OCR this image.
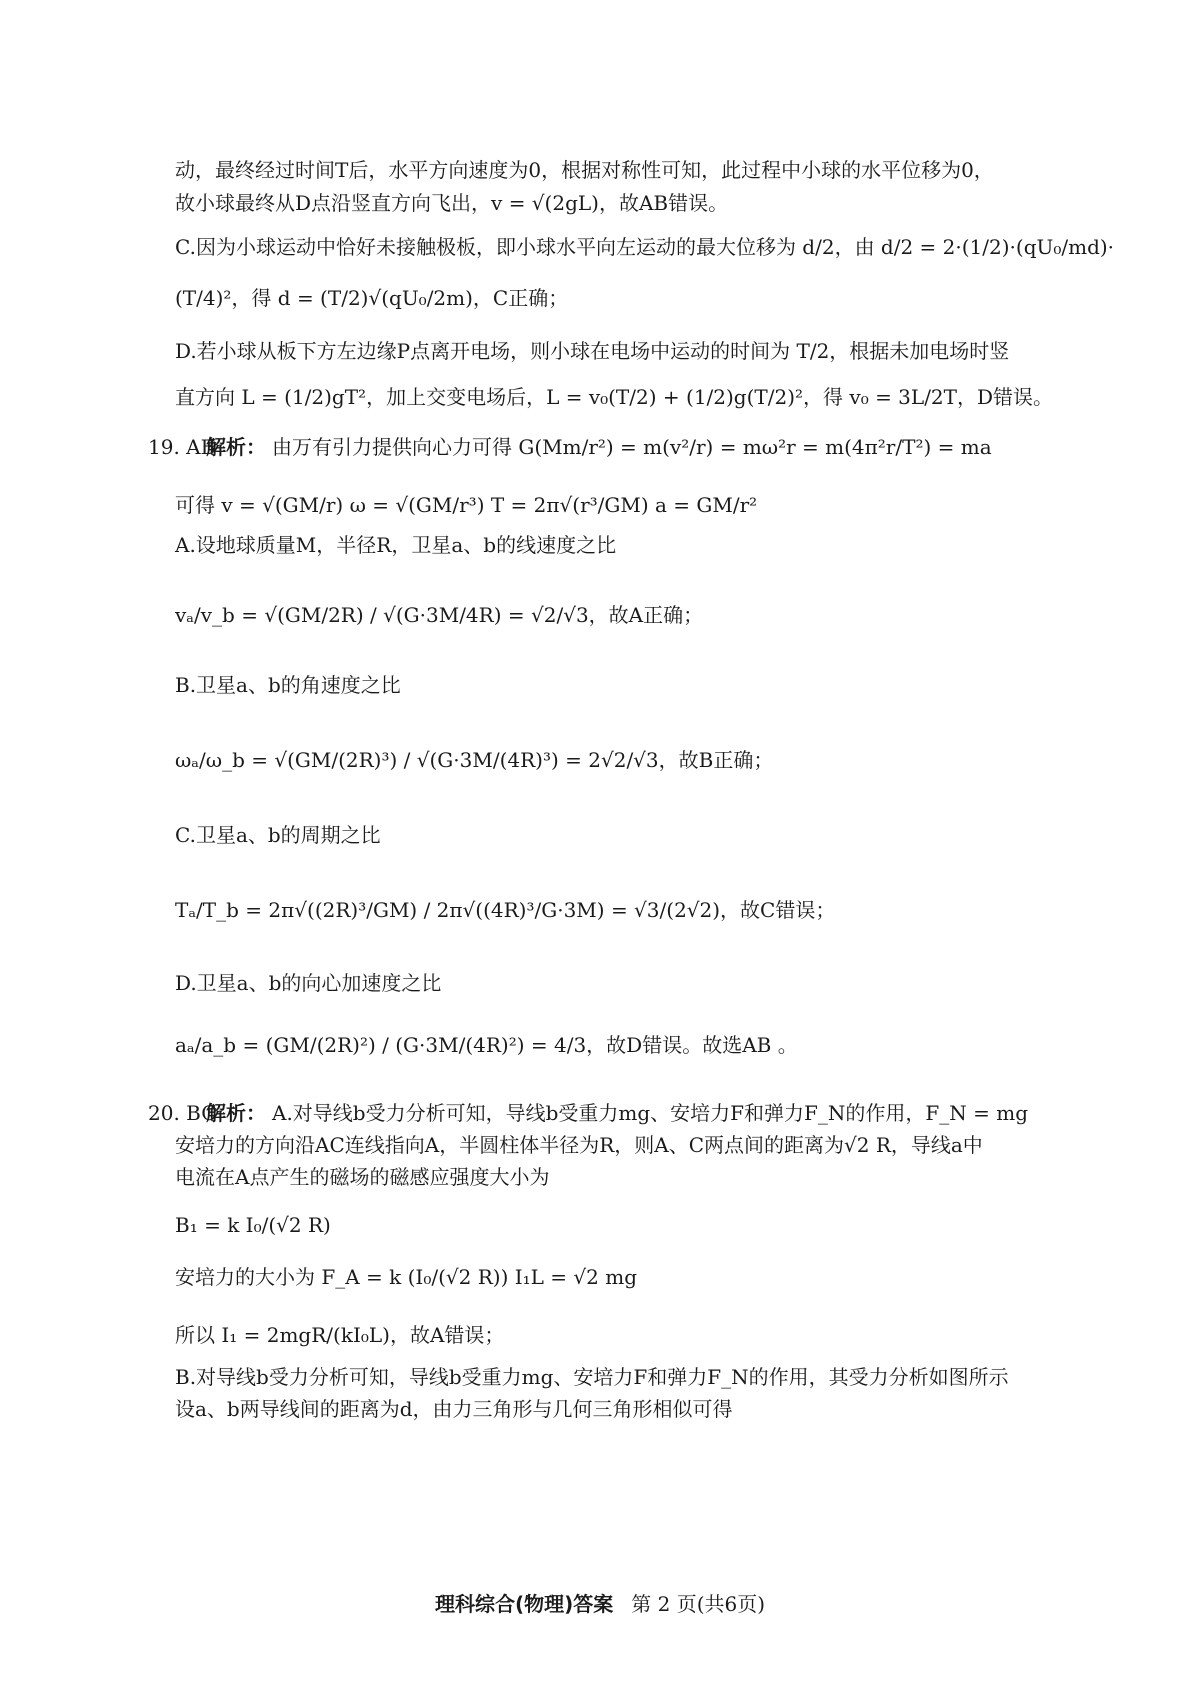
动，最终经过时间T后，水平方向速度为0，根据对称性可知，此过程中小球的水平位移为0，
故小球最终从D点沿竖直方向飞出，v = √(2gL)，故AB错误。
C.因为小球运动中恰好未接触极板，即小球水平向左运动的最大位移为 d/2，由 d/2 = 2·(1/2)·(qU₀/md)·
(T/4)²，得 d = (T/2)√(qU₀/2m)，C正确；
D.若小球从板下方左边缘P点离开电场，则小球在电场中运动的时间为 T/2，根据未加电场时竖
直方向 L = (1/2)gT²，加上交变电场后，L = v₀(T/2) + (1/2)g(T/2)²，得 v₀ = 3L/2T，D错误。
19. AB解析： 由万有引力提供向心力可得 G(Mm/r²) = m(v²/r) = mω²r = m(4π²r/T²) = ma
可得 v = √(GM/r) ω = √(GM/r³) T = 2π√(r³/GM) a = GM/r²
A.设地球质量M，半径R，卫星a、b的线速度之比
vₐ/v_b = √(GM/2R) / √(G·3M/4R) = √2/√3，故A正确；
B.卫星a、b的角速度之比
ωₐ/ω_b = √(GM/(2R)³) / √(G·3M/(4R)³) = 2√2/√3，故B正确；
C.卫星a、b的周期之比
Tₐ/T_b = 2π√((2R)³/GM) / 2π√((4R)³/G·3M) = √3/(2√2)，故C错误；
D.卫星a、b的向心加速度之比
aₐ/a_b = (GM/(2R)²) / (G·3M/(4R)²) = 4/3，故D错误。故选AB 。
20. BC解析： A.对导线b受力分析可知，导线b受重力mg、安培力F和弹力F_N的作用，F_N = mg
安培力的方向沿AC连线指向A，半圆柱体半径为R，则A、C两点间的距离为√2 R，导线a中
电流在A点产生的磁场的磁感应强度大小为
B₁ = k I₀/(√2 R)
安培力的大小为 F_A = k (I₀/(√2 R)) I₁L = √2 mg
所以 I₁ = 2mgR/(kI₀L)，故A错误；
B.对导线b受力分析可知，导线b受重力mg、安培力F和弹力F_N的作用，其受力分析如图所示
设a、b两导线间的距离为d，由力三角形与几何三角形相似可得
理科综合(物理)答案 第 2 页(共6页)
